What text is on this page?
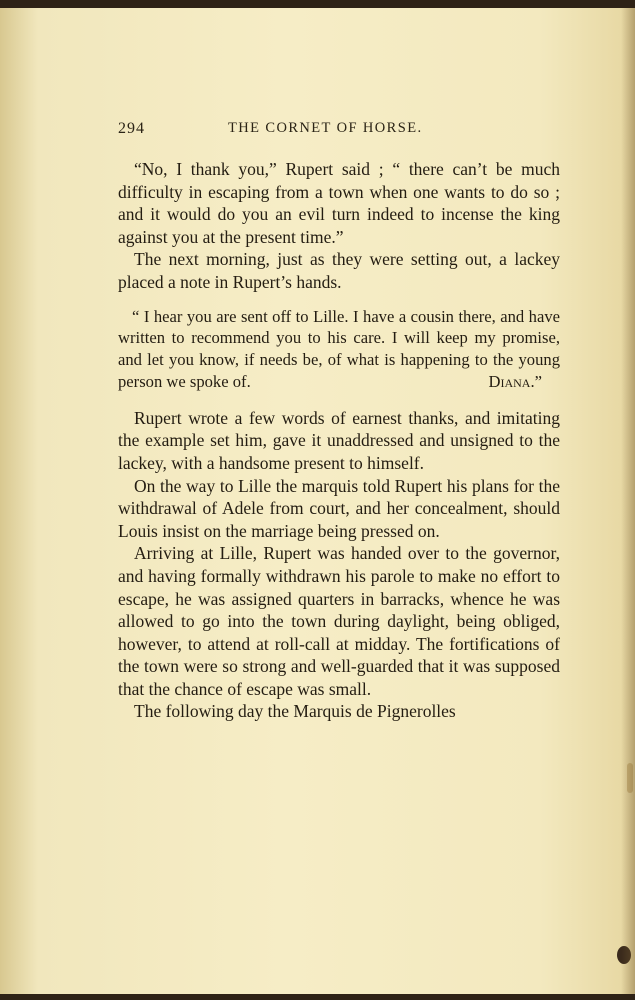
294	THE CORNET OF HORSE.

“No, I thank you,” Rupert said ; “ there can’t be much difficulty in escaping from a town when one wants to do so ; and it would do you an evil turn indeed to incense the king against you at the present time.”

The next morning, just as they were setting out, a lackey placed a note in Rupert’s hands.

“ I hear you are sent off to Lille. I have a cousin there, and have written to recommend you to his care. I will keep my promise, and let you know, if needs be, of what is happening to the young person we spoke of.	Diana.”

Rupert wrote a few words of earnest thanks, and imitating the example set him, gave it unaddressed and unsigned to the lackey, with a handsome present to himself.

On the way to Lille the marquis told Rupert his plans for the withdrawal of Adele from court, and her concealment, should Louis insist on the marriage being pressed on.

Arriving at Lille, Rupert was handed over to the governor, and having formally withdrawn his parole to make no effort to escape, he was assigned quarters in barracks, whence he was allowed to go into the town during daylight, being obliged, however, to attend at roll-call at midday. The fortifications of the town were so strong and well-guarded that it was supposed that the chance of escape was small.

The following day the Marquis de Pignerolles
